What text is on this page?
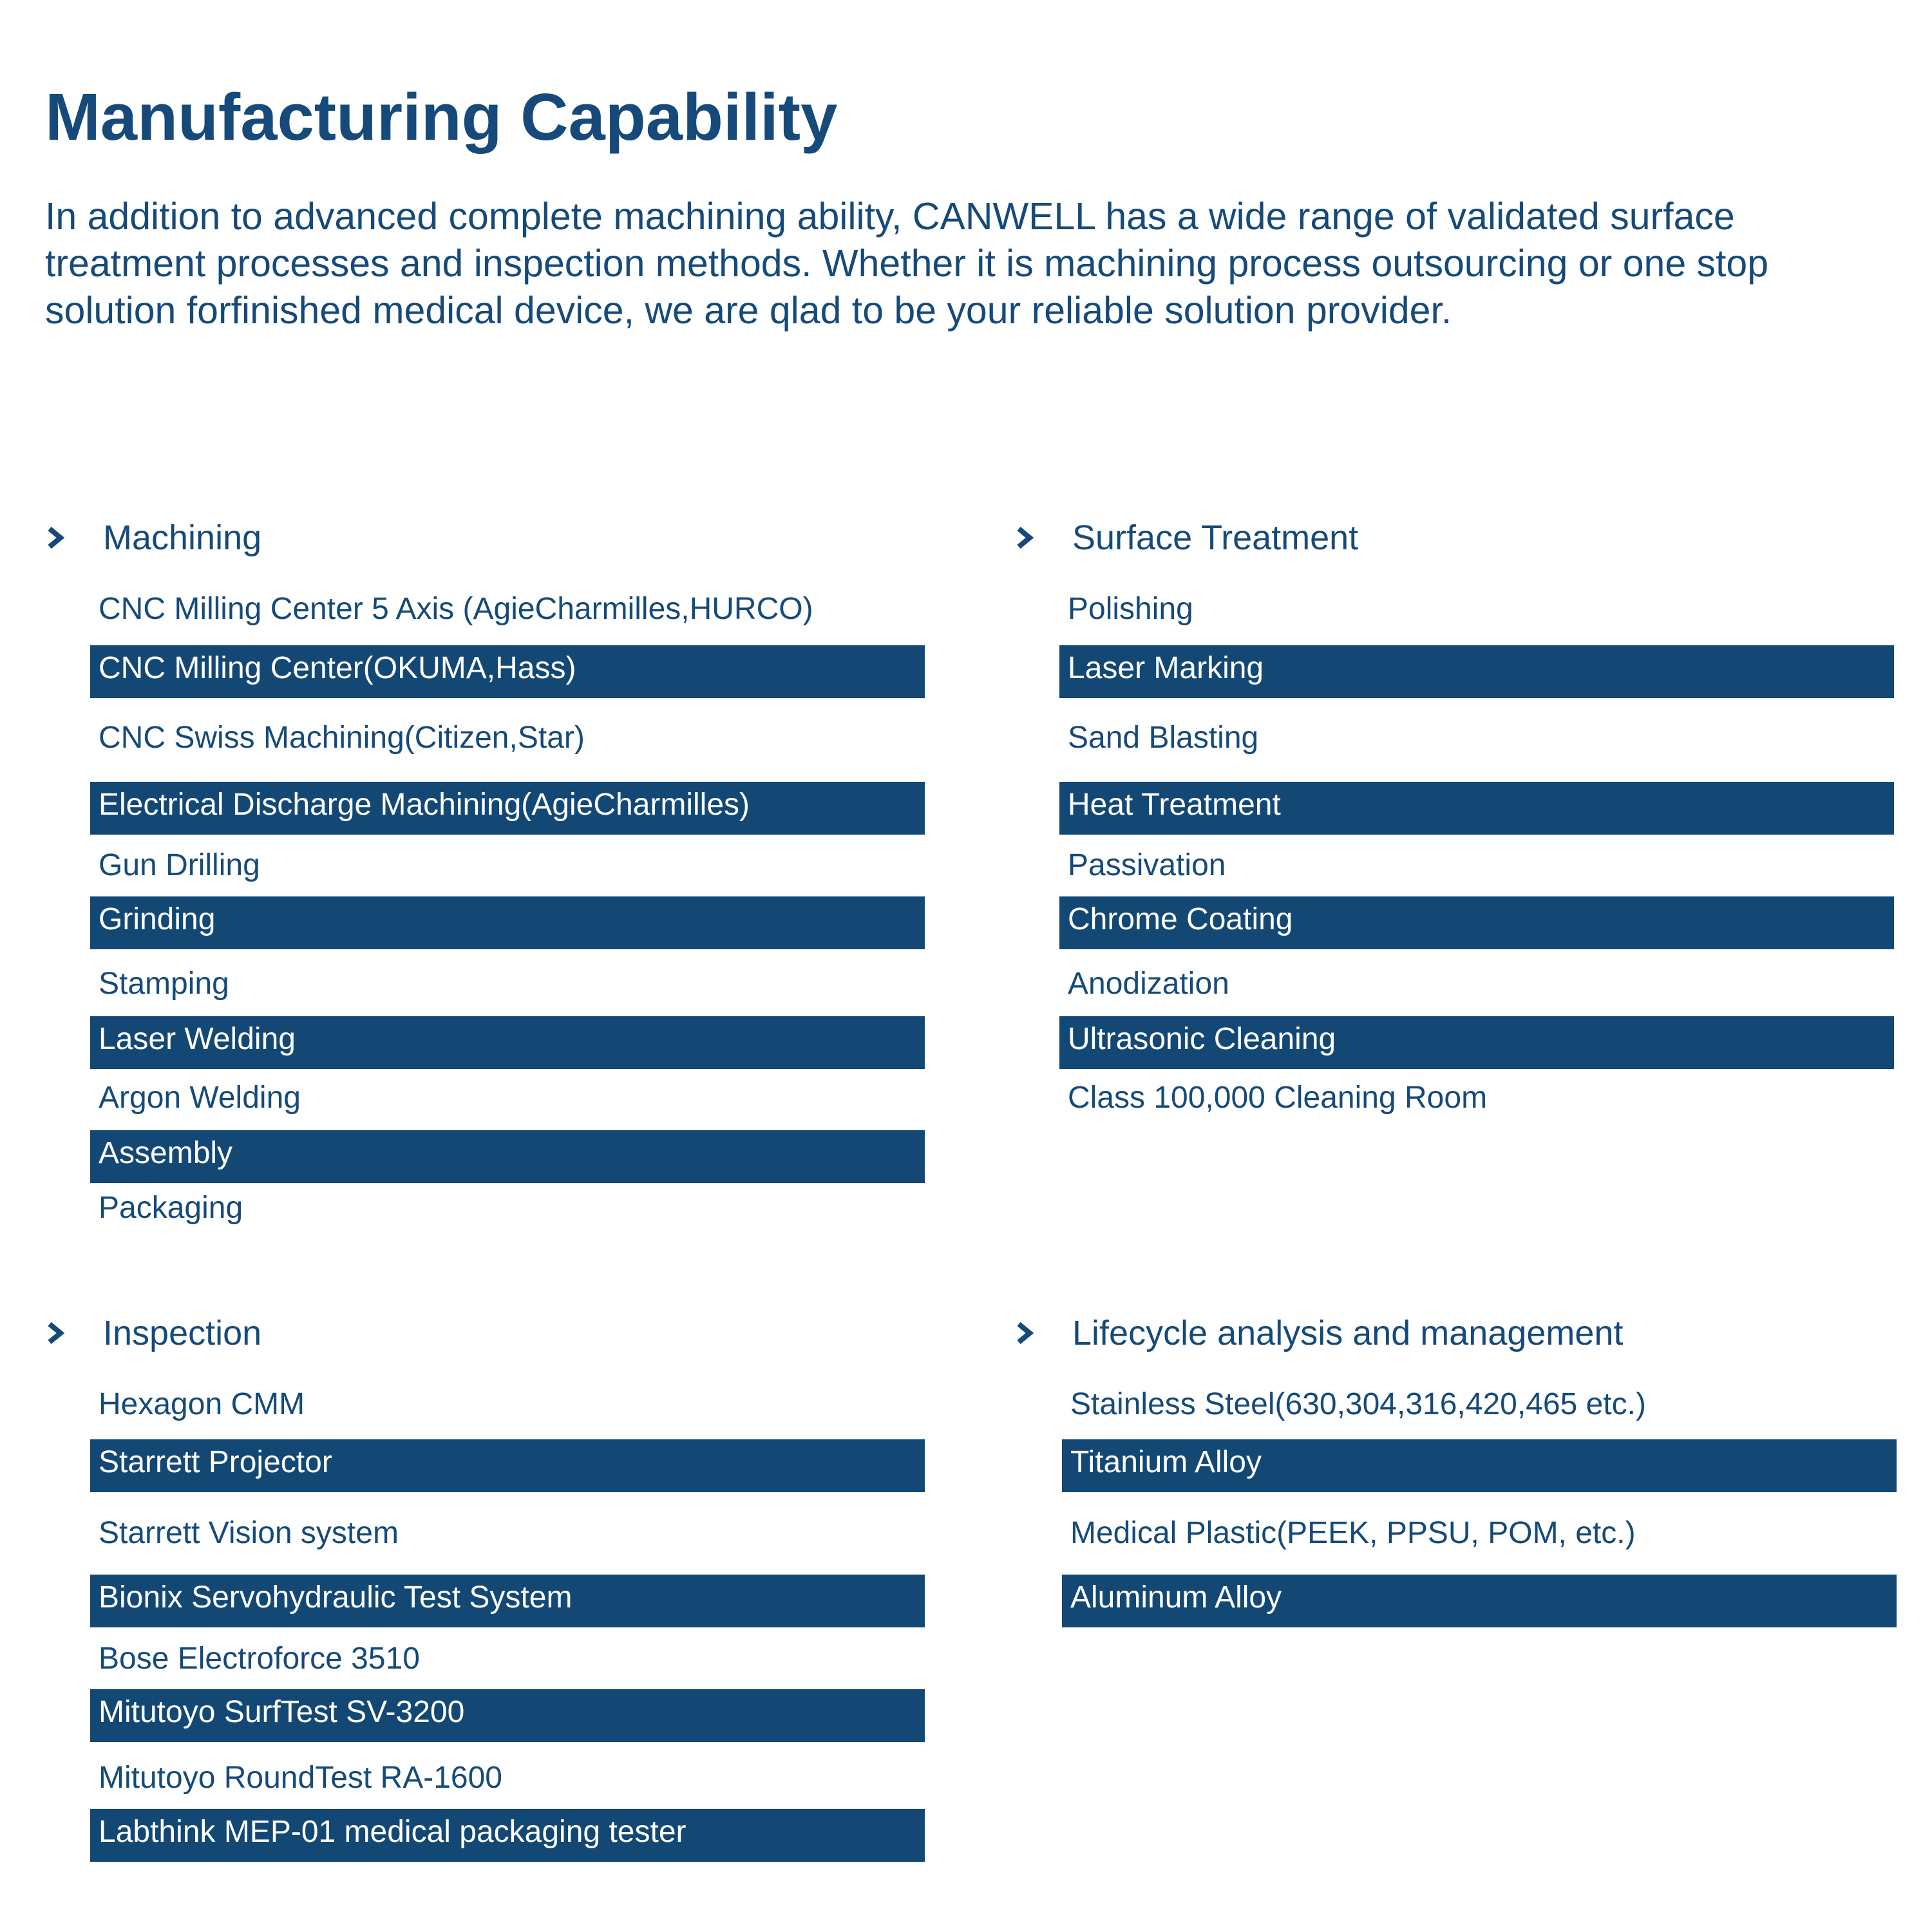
Manufacturing Capability

In addition to advanced complete machining ability, CANWELL has a wide range of validated surface treatment processes and inspection methods. Whether it is machining process outsourcing or one stop solution forfinished medical device, we are qlad to be your reliable solution provider.

Machining
CNC Milling Center 5 Axis (AgieCharmilles,HURCO)
CNC Milling Center(OKUMA,Hass)
CNC Swiss Machining(Citizen,Star)
Electrical Discharge Machining(AgieCharmilles)
Gun Drilling
Grinding
Stamping
Laser Welding
Argon Welding
Assembly
Packaging
Surface Treatment
Polishing
Laser Marking
Sand Blasting
Heat Treatment
Passivation
Chrome Coating
Anodization
Ultrasonic Cleaning
Class 100,000 Cleaning Room
Inspection
Hexagon CMM
Starrett Projector
Starrett Vision system
Bionix Servohydraulic Test System
Bose Electroforce 3510
Mitutoyo SurfTest SV-3200
Mitutoyo RoundTest RA-1600
Labthink MEP-01 medical packaging tester
Lifecycle analysis and management
Stainless Steel(630,304,316,420,465 etc.)
Titanium Alloy
Medical Plastic(PEEK, PPSU, POM, etc.)
Aluminum Alloy
